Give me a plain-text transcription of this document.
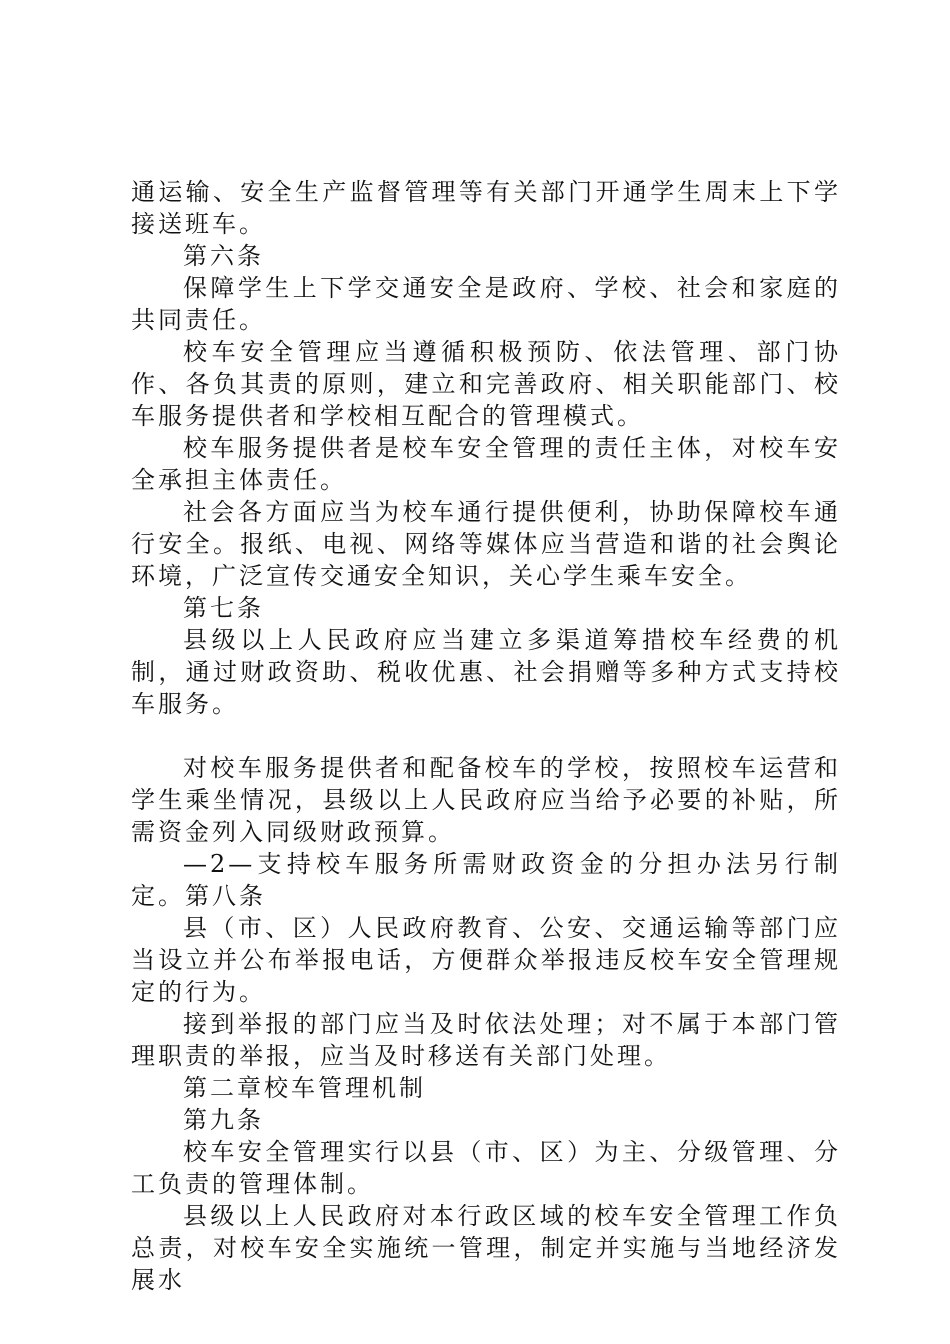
通运输、安全生产监督管理等有关部门开通学生周末上下学接送班车。

第六条

保障学生上下学交通安全是政府、学校、社会和家庭的共同责任。

校车安全管理应当遵循积极预防、依法管理、部门协作、各负其责的原则，建立和完善政府、相关职能部门、校车服务提供者和学校相互配合的管理模式。

校车服务提供者是校车安全管理的责任主体，对校车安全承担主体责任。

社会各方面应当为校车通行提供便利，协助保障校车通行安全。报纸、电视、网络等媒体应当营造和谐的社会舆论环境，广泛宣传交通安全知识，关心学生乘车安全。

第七条

县级以上人民政府应当建立多渠道筹措校车经费的机制，通过财政资助、税收优惠、社会捐赠等多种方式支持校车服务。

对校车服务提供者和配备校车的学校，按照校车运营和学生乘坐情况，县级以上人民政府应当给予必要的补贴，所需资金列入同级财政预算。

—2—支持校车服务所需财政资金的分担办法另行制定。第八条

县（市、区）人民政府教育、公安、交通运输等部门应当设立并公布举报电话，方便群众举报违反校车安全管理规定的行为。

接到举报的部门应当及时依法处理；对不属于本部门管理职责的举报，应当及时移送有关部门处理。

第二章校车管理机制

第九条

校车安全管理实行以县（市、区）为主、分级管理、分工负责的管理体制。

县级以上人民政府对本行政区域的校车安全管理工作负总责，对校车安全实施统一管理，制定并实施与当地经济发展水
